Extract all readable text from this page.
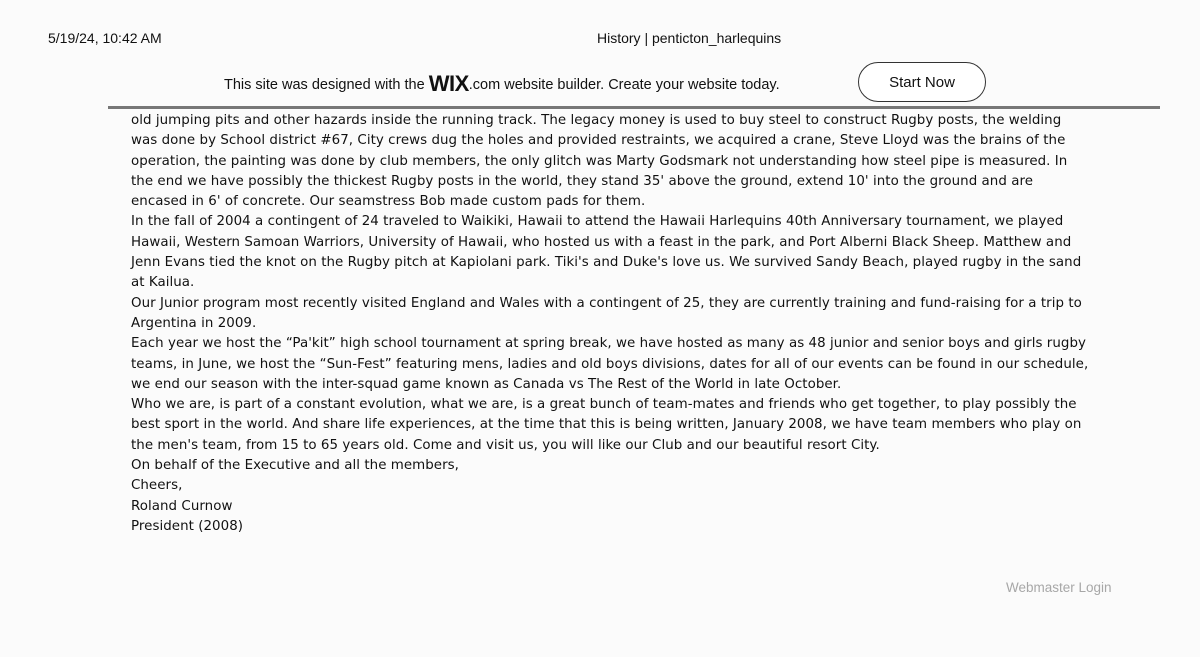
5/19/24, 10:42 AM	History | penticton_harlequins
This site was designed with the WIX.com website builder. Create your website today.	Start Now

old jumping pits and other hazards inside the running track. The legacy money is used to buy steel to construct Rugby posts, the welding was done by School district #67, City crews dug the holes and provided restraints, we acquired a crane, Steve Lloyd was the brains of the operation, the painting was done by club members, the only glitch was Marty Godsmark not understanding how steel pipe is measured. In the end we have possibly the thickest Rugby posts in the world, they stand 35' above the ground, extend 10' into the ground and are encased in 6' of concrete. Our seamstress Bob made custom pads for them.

In the fall of 2004 a contingent of 24 traveled to Waikiki, Hawaii to attend the Hawaii Harlequins 40th Anniversary tournament, we played Hawaii, Western Samoan Warriors, University of Hawaii, who hosted us with a feast in the park, and Port Alberni Black Sheep. Matthew and Jenn Evans tied the knot on the Rugby pitch at Kapiolani park. Tiki's and Duke's love us. We survived Sandy Beach, played rugby in the sand at Kailua.

Our Junior program most recently visited England and Wales with a contingent of 25, they are currently training and fund-raising for a trip to Argentina in 2009.

Each year we host the “Pa'kit” high school tournament at spring break, we have hosted as many as 48 junior and senior boys and girls rugby teams, in June, we host the “Sun-Fest” featuring mens, ladies and old boys divisions, dates for all of our events can be found in our schedule, we end our season with the inter-squad game known as Canada vs The Rest of the World in late October.

Who we are, is part of a constant evolution, what we are, is a great bunch of team-mates and friends who get together, to play possibly the best sport in the world. And share life experiences, at the time that this is being written, January 2008, we have team members who play on the men's team, from 15 to 65 years old. Come and visit us, you will like our Club and our beautiful resort City.

On behalf of the Executive and all the members,

Cheers,

Roland Curnow

President (2008)

Webmaster Login
